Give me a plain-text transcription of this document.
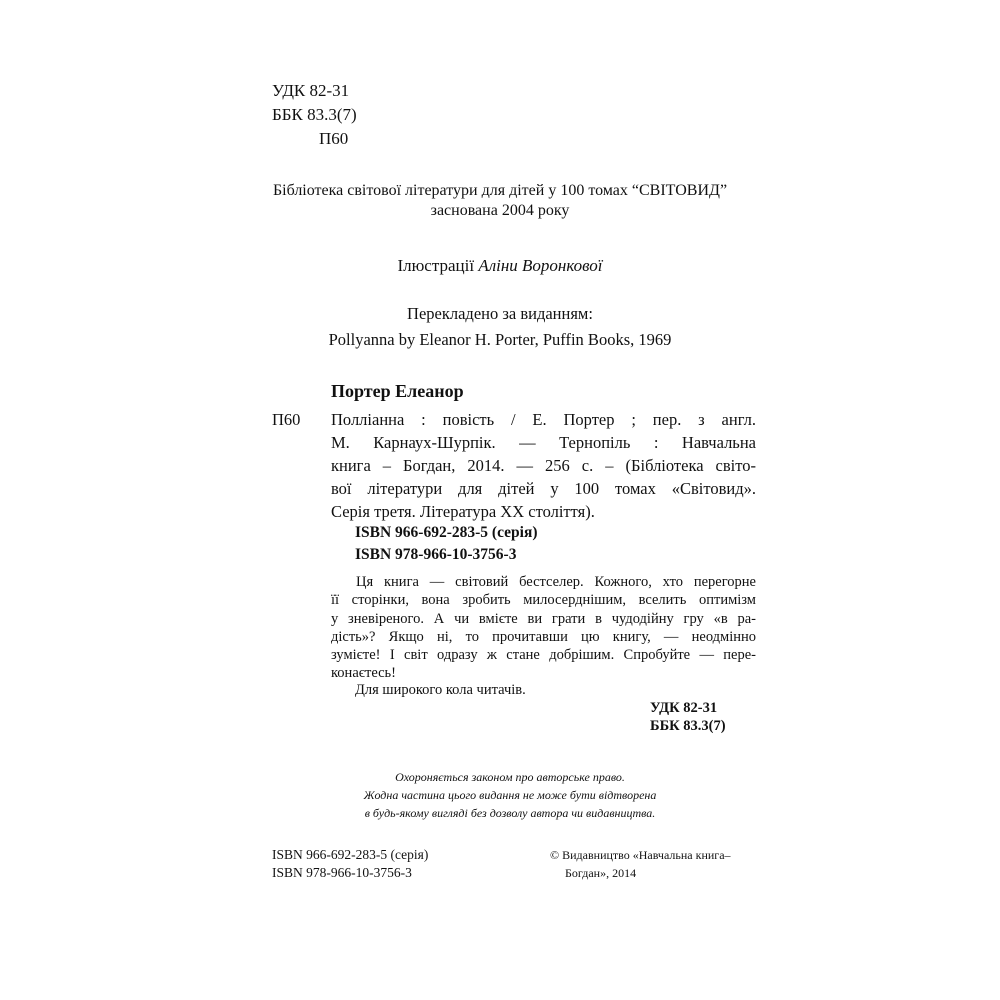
УДК 82-31
ББК 83.3(7)
П60
Бібліотека світової літератури для дітей у 100 томах “СВІТОВИД”
заснована 2004 року
Ілюстрації Аліни Воронкової
Перекладено за виданням:
Pollyanna by Eleanor H. Porter, Puffin Books, 1969
Портер Елеанор
П60 Полліанна : повість / Е. Портер ; пер. з англ.
М. Карнаух-Шурпік. — Тернопіль : Навчальна
книга – Богдан, 2014. — 256 с. – (Бібліотека світо-
вої літератури для дітей у 100 томах «Світовид».
Серія третя. Література ХХ століття).
ISBN 966-692-283-5 (серія)
ISBN 978-966-10-3756-3
Ця книга — світовий бестселер. Кожного, хто перегорне
її сторінки, вона зробить милосерднішим, вселить оптимізм
у зневіреного. А чи вмієте ви грати в чудодійну гру «в ра-
дість»? Якщо ні, то прочитавши цю книгу, — неодмінно
зумієте! І світ одразу ж стане добрішим. Спробуйте — пере-
конаєтесь!
Для широкого кола читачів.
УДК 82-31
ББК 83.3(7)
Охороняється законом про авторське право.
Жодна частина цього видання не може бути відтворена
в будь-якому вигляді без дозволу автора чи видавництва.
ISBN 966-692-283-5 (серія)
ISBN 978-966-10-3756-3
© Видавництво «Навчальна книга–
Богдан», 2014
